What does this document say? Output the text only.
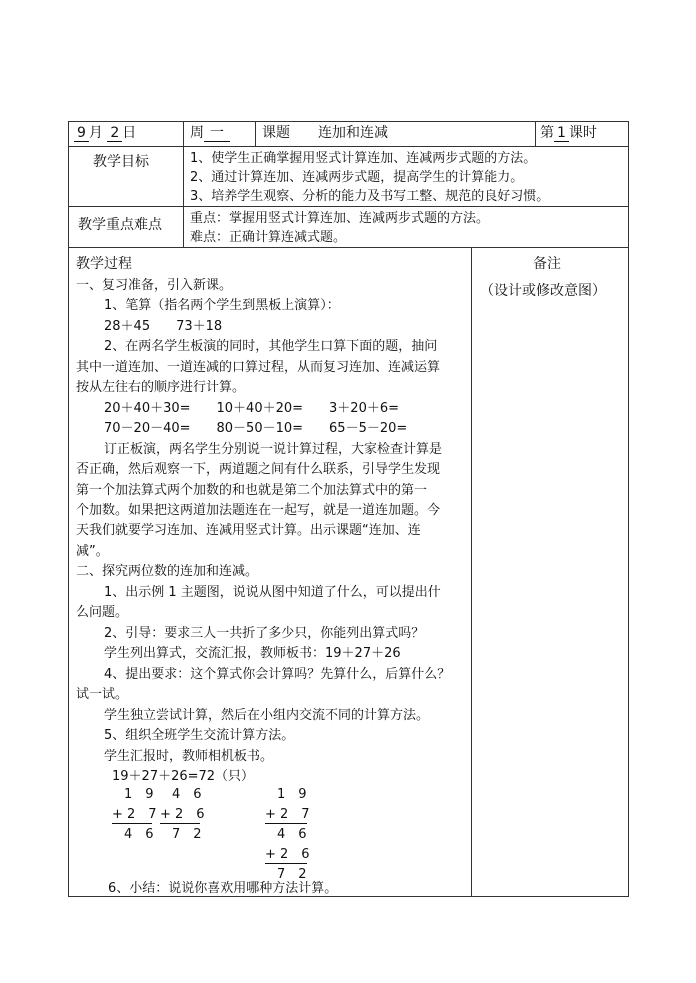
9 月 2 日	周 一	课题 连加和连减	第 1 课时
教学目标	1、使学生正确掌握用竖式计算连加、连减两步式题的方法。
2、通过计算连加、连减两步式题，提高学生的计算能力。
3、培养学生观察、分析的能力及书写工整、规范的良好习惯。
教学重点难点 重点：掌握用竖式计算连加、连减两步式题的方法。
难点：正确计算连减式题。
备注
（设计或修改意图）
教学过程
一、复习准备，引入新课。
1、笔算（指名两个学生到黑板上演算）：
28＋45　　73＋18
2、在两名学生板演的同时，其他学生口算下面的题，抽问
其中一道连加、一道连减的口算过程，从而复习连加、连减运算
按从左往右的顺序进行计算。
20＋40＋30=　　10＋40＋20=　　3＋20＋6=
70－20－40=　　80－50－10=　　65－5－20=
订正板演，两名学生分别说一说计算过程，大家检查计算是
否正确，然后观察一下，两道题之间有什么联系，引导学生发现
第一个加法算式两个加数的和也就是第二个加法算式中的第一
个加数。如果把这两道加法题连在一起写，就是一道连加题。今
天我们就要学习连加、连减用竖式计算。出示课题“连加、连
减”。
二、探究两位数的连加和连减。
1、出示例 1 主题图，说说从图中知道了什么，可以提出什
么问题。
2、引导：要求三人一共折了多少只，你能列出算式吗？
学生列出算式，交流汇报，教师板书：19＋27＋26
4、提出要求：这个算式你会计算吗？先算什么，后算什么？
试一试。
学生独立尝试计算，然后在小组内交流不同的计算方法。
5、组织全班学生交流计算方法。
学生汇报时，教师相机板书。
19＋27＋26=72（只）
1　9
+ 2　7
4　6
4　6
+ 2　6
7　2
1　9
+ 2　7
4　6
+ 2　6
7　2
6、小结：说说你喜欢用哪种方法计算。
